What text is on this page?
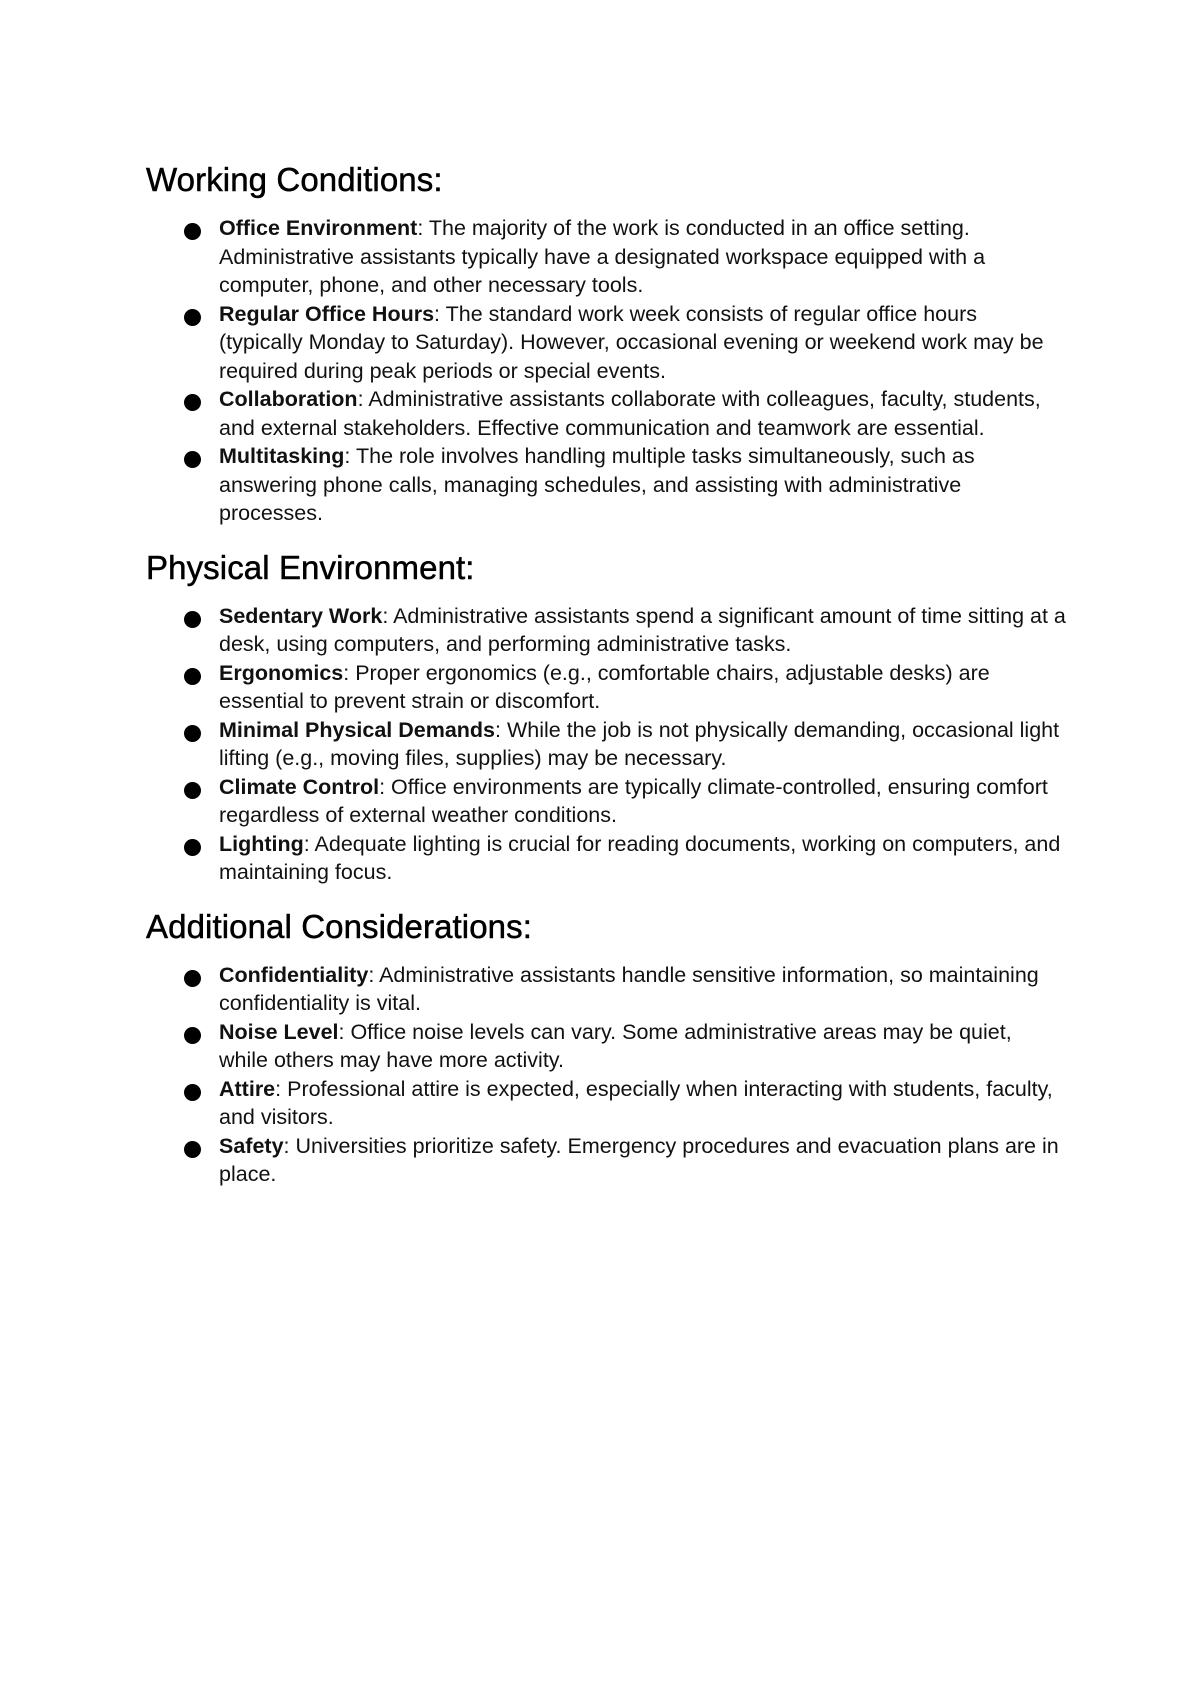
Working Conditions:
Office Environment: The majority of the work is conducted in an office setting. Administrative assistants typically have a designated workspace equipped with a computer, phone, and other necessary tools.
Regular Office Hours: The standard work week consists of regular office hours (typically Monday to Saturday). However, occasional evening or weekend work may be required during peak periods or special events.
Collaboration: Administrative assistants collaborate with colleagues, faculty, students, and external stakeholders. Effective communication and teamwork are essential.
Multitasking: The role involves handling multiple tasks simultaneously, such as answering phone calls, managing schedules, and assisting with administrative processes.
Physical Environment:
Sedentary Work: Administrative assistants spend a significant amount of time sitting at a desk, using computers, and performing administrative tasks.
Ergonomics: Proper ergonomics (e.g., comfortable chairs, adjustable desks) are essential to prevent strain or discomfort.
Minimal Physical Demands: While the job is not physically demanding, occasional light lifting (e.g., moving files, supplies) may be necessary.
Climate Control: Office environments are typically climate-controlled, ensuring comfort regardless of external weather conditions.
Lighting: Adequate lighting is crucial for reading documents, working on computers, and maintaining focus.
Additional Considerations:
Confidentiality: Administrative assistants handle sensitive information, so maintaining confidentiality is vital.
Noise Level: Office noise levels can vary. Some administrative areas may be quiet, while others may have more activity.
Attire: Professional attire is expected, especially when interacting with students, faculty, and visitors.
Safety: Universities prioritize safety. Emergency procedures and evacuation plans are in place.
